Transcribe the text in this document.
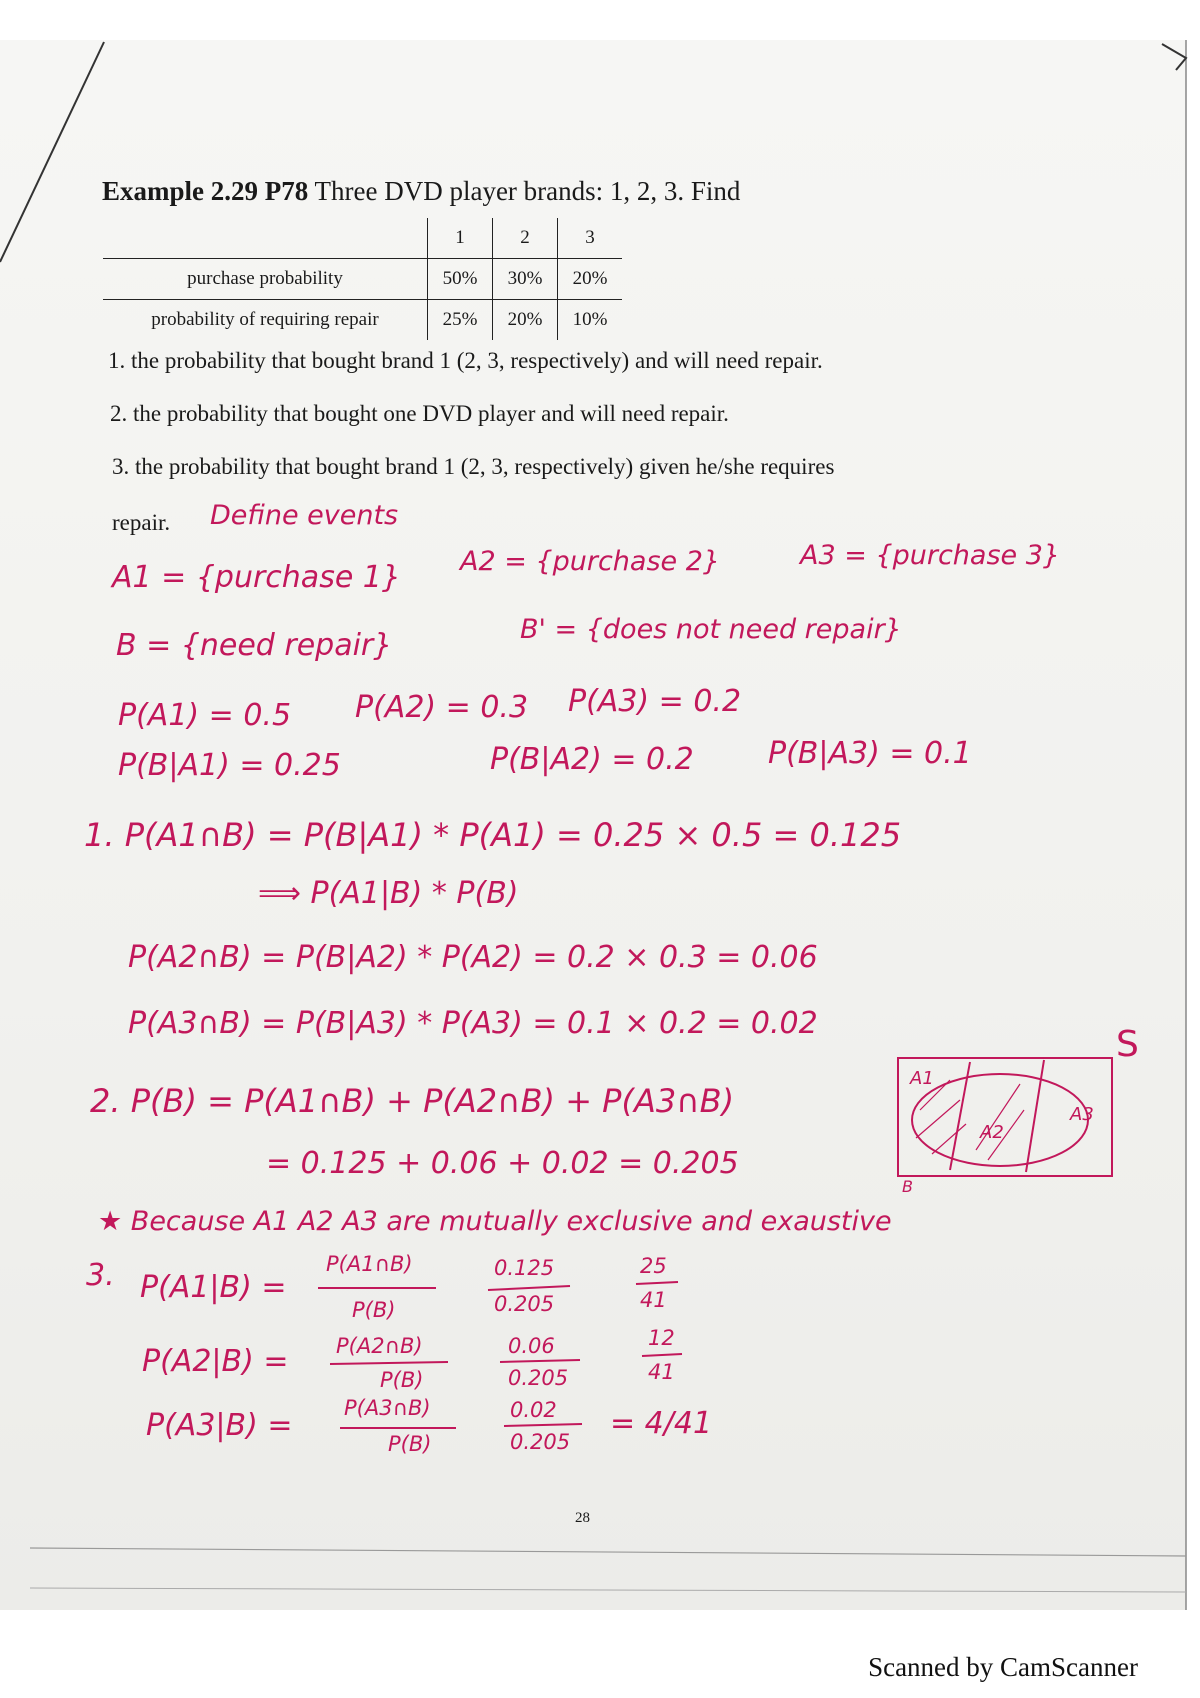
Example 2.29 P78 Three DVD player brands: 1, 2, 3. Find
	1	2	3
purchase probability	50%	30%	20%
probability of requiring repair	25%	20%	10%
1. the probability that bought brand 1 (2, 3, respectively) and will need repair.
2. the probability that bought one DVD player and will need repair.
3. the probability that bought brand 1 (2, 3, respectively) given he/she requires
repair. Define events
A1 = {purchase 1} A2 = {purchase 2}	A3 = {purchase 3}
B = {need repair}	B' = {does not need repair}
P(A1) = 0.5 P(A2) = 0.3 P(A3) = 0.2
P(B|A1) = 0.25	P(B|A2) = 0.2 P(B|A3) = 0.1
1. P(A1∩B) = P(B|A1) * P(A1) = 0.25 × 0.5 = 0.125
⟹ P(A1|B) * P(B)
P(A2∩B) = P(B|A2) * P(A2) = 0.2 × 0.3 = 0.06
P(A3∩B) = P(B|A3) * P(A3) = 0.1 × 0.2 = 0.02
2. P(B) = P(A1∩B) + P(A2∩B) + P(A3∩B)
= 0.125 + 0.06 + 0.02 = 0.205
★ Because A1 A2 A3 are mutually exclusive and exaustive
S
A1
A2
A3
B
3. P(A1|B) =
P(A1∩B)
P(B)
0.125
0.205
25
41
P(A2|B) = P(A2∩B)
P(B)
0.06
0.205
12
41
P(A3|B) = P(A3∩B)
P(B)
0.02
0.205
= 4/41
28
Scanned by CamScanner
